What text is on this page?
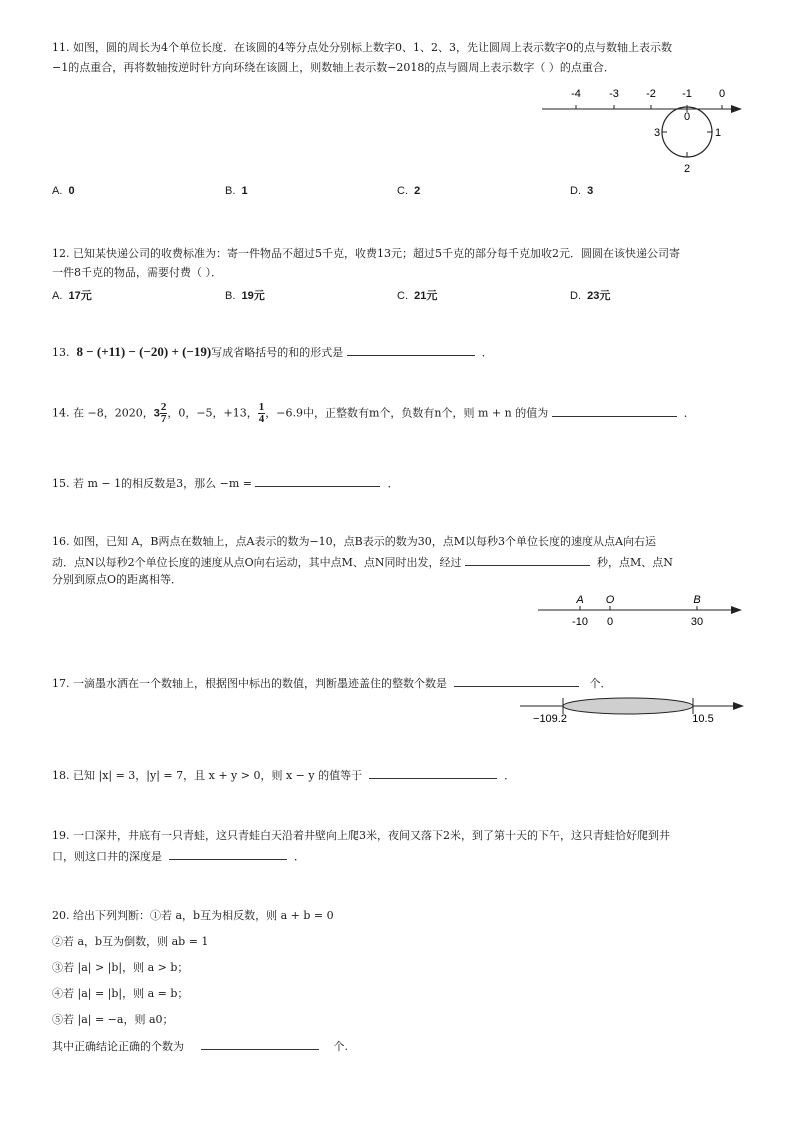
11. 如图，圆的周长为4个单位长度．在该圆的4等分点处分别标上数字0、1、2、3，先让圆周上表示数字0的点与数轴上表示数
−1的点重合，再将数轴按逆时针方向环绕在该圆上，则数轴上表示数−2018的点与圆周上表示数字（ ）的点重合．
-4	-3 -2 -1 0
0
1
2
3
A. 0	B. 1	C. 2	D. 3
12. 已知某快递公司的收费标准为：寄一件物品不超过5千克，收费13元；超过5千克的部分每千克加收2元．圆圆在该快递公司寄
一件8千克的物品，需要付费（ ）．
A. 17元	B. 19元	C. 21元	D. 23元
13. 8 − (+11) − (−20) + (−19)写成省略括号的和的形式是	．
14. 在 −8，2020，$3 \frac{2}{7}$ ，0，−5，+13， $\frac{1}{4}$ ，−6.9中，正整数有m个，负数有n个，则 m + n 的值为	．
15. 若 m − 1的相反数是3，那么 −m =	．
16. 如图，已知 A，B两点在数轴上，点A表示的数为−10，点B表示的数为30，点M以每秒3个单位长度的速度从点A向右运
动．点N以每秒2个单位长度的速度从点O向右运动，其中点M、点N同时出发，经过	秒，点M、点N
分别到原点O的距离相等．
A O	B
-10 0	30
17. 一滴墨水洒在一个数轴上，根据图中标出的数值，判断墨迹盖住的整数个数是	个．
−109.2	10.5
18. 已知 |x| = 3，|y| = 7，且 x + y > 0，则 x − y 的值等于	．
19. 一口深井，井底有一只青蛙，这只青蛙白天沿着井壁向上爬3米，夜间又落下2米，到了第十天的下午，这只青蛙恰好爬到井
口，则这口井的深度是	．
20. 给出下列判断：①若 a，b互为相反数，则 a + b = 0
②若 a，b互为倒数，则 ab = 1
③若 |a| > |b|，则 a > b；
④若 |a| = |b|，则 a = b；
⑤若 |a| = −a，则 a0；
其中正确结论正确的个数为	个.
